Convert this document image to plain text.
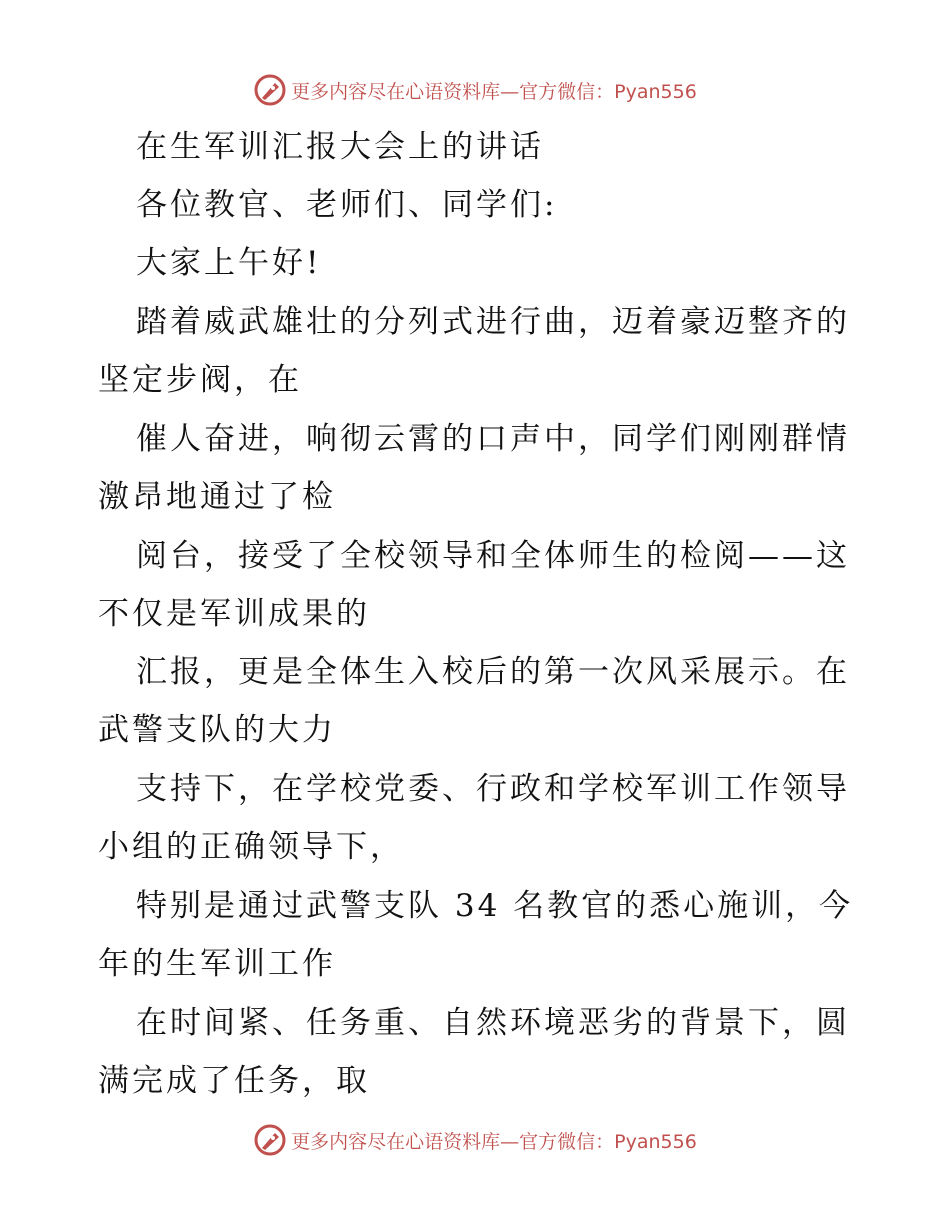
更多内容尽在心语资料库—官方微信：Pyan556
在生军训汇报大会上的讲话
各位教官、老师们、同学们:
大家上午好!
踏着威武雄壮的分列式进行曲，迈着豪迈整齐的
坚定步阀，在
催人奋进，响彻云霄的口声中，同学们刚刚群情
激昂地通过了检
阅台，接受了全校领导和全体师生的检阅——这
不仅是军训成果的
汇报，更是全体生入校后的第一次风采展示。在
武警支队的大力
支持下，在学校党委、行政和学校军训工作领导
小组的正确领导下，
特别是通过武警支队 34 名教官的悉心施训，今
年的生军训工作
在时间紧、任务重、自然环境恶劣的背景下，圆
满完成了任务，取
更多内容尽在心语资料库—官方微信：Pyan556
